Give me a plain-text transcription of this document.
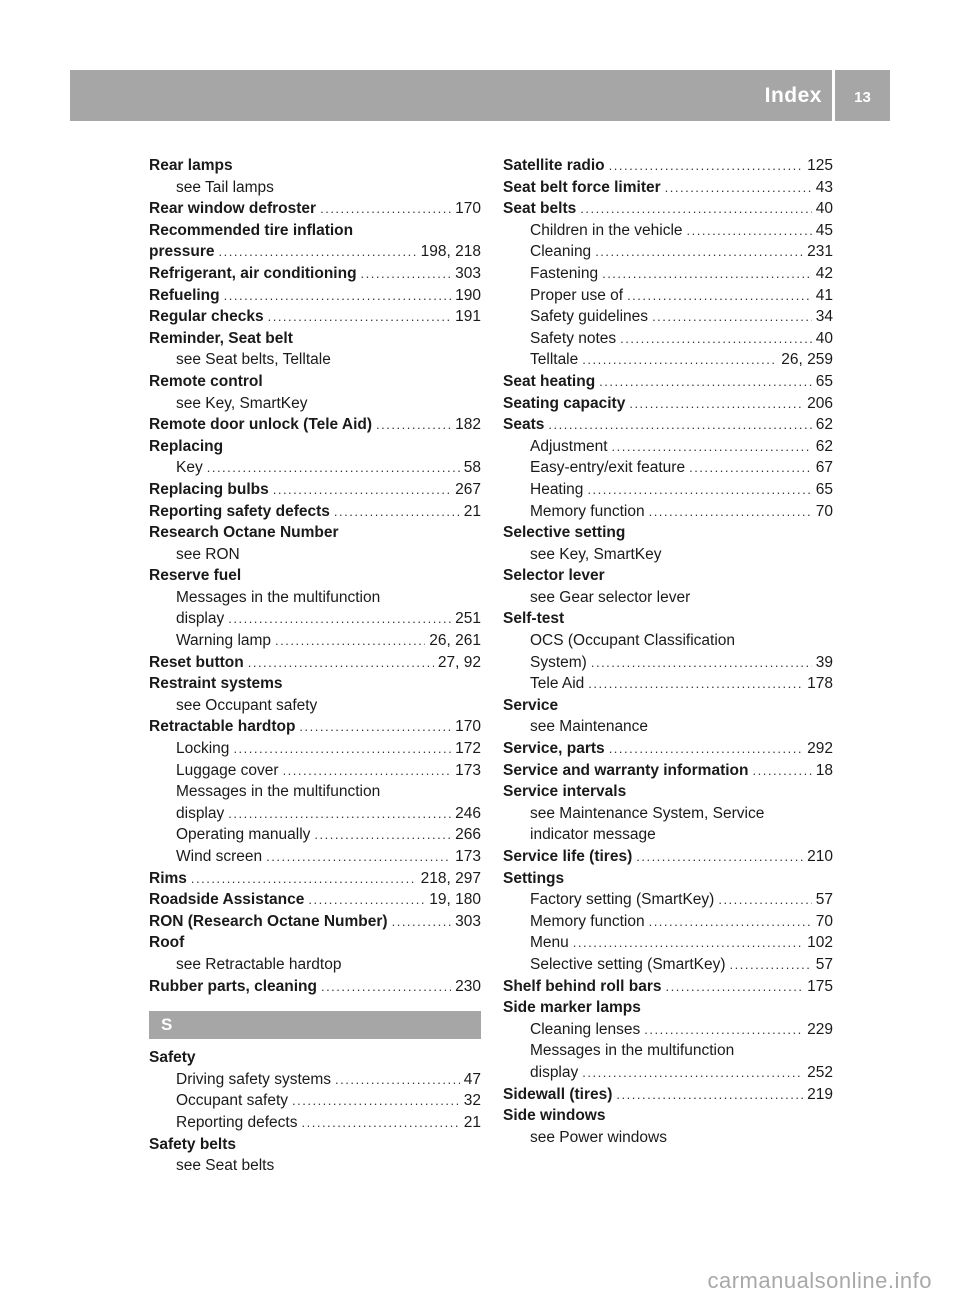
Index	13
Rear lamps
see Tail lamps
Rear window defroster .....	170
Recommended tire inflation
pressure .....	198, 218
Refrigerant, air conditioning .....	303
Refueling .....	190
Regular checks .....	191
Reminder, Seat belt
see Seat belts, Telltale
Remote control
see Key, SmartKey
Remote door unlock (Tele Aid) .....	182
Replacing
Key .....	58
Replacing bulbs .....	267
Reporting safety defects .....	21
Research Octane Number
see RON
Reserve fuel
Messages in the multifunction
display .....	251
Warning lamp .....	26, 261
Reset button .....	27, 92
Restraint systems
see Occupant safety
Retractable hardtop .....	170
Locking .....	172
Luggage cover .....	173
Messages in the multifunction
display .....	246
Operating manually .....	266
Wind screen .....	173
Rims .....	218, 297
Roadside Assistance .....	19, 180
RON (Research Octane Number) .....	303
Roof
see Retractable hardtop
Rubber parts, cleaning .....	230
S
Safety
Driving safety systems .....	47
Occupant safety .....	32
Reporting defects .....	21
Safety belts
see Seat belts
Satellite radio .....	125
Seat belt force limiter .....	43
Seat belts .....	40
Children in the vehicle .....	45
Cleaning .....	231
Fastening .....	42
Proper use of .....	41
Safety guidelines .....	34
Safety notes .....	40
Telltale .....	26, 259
Seat heating .....	65
Seating capacity .....	206
Seats .....	62
Adjustment .....	62
Easy-entry/exit feature .....	67
Heating .....	65
Memory function .....	70
Selective setting
see Key, SmartKey
Selector lever
see Gear selector lever
Self-test
OCS (Occupant Classification
System) .....	39
Tele Aid .....	178
Service
see Maintenance
Service, parts .....	292
Service and warranty information .....	18
Service intervals
see Maintenance System, Service
indicator message
Service life (tires) .....	210
Settings
Factory setting (SmartKey) .....	57
Memory function .....	70
Menu .....	102
Selective setting (SmartKey) .....	57
Shelf behind roll bars .....	175
Side marker lamps
Cleaning lenses .....	229
Messages in the multifunction
display .....	252
Sidewall (tires) .....	219
Side windows
see Power windows
carmanualsonline.info
